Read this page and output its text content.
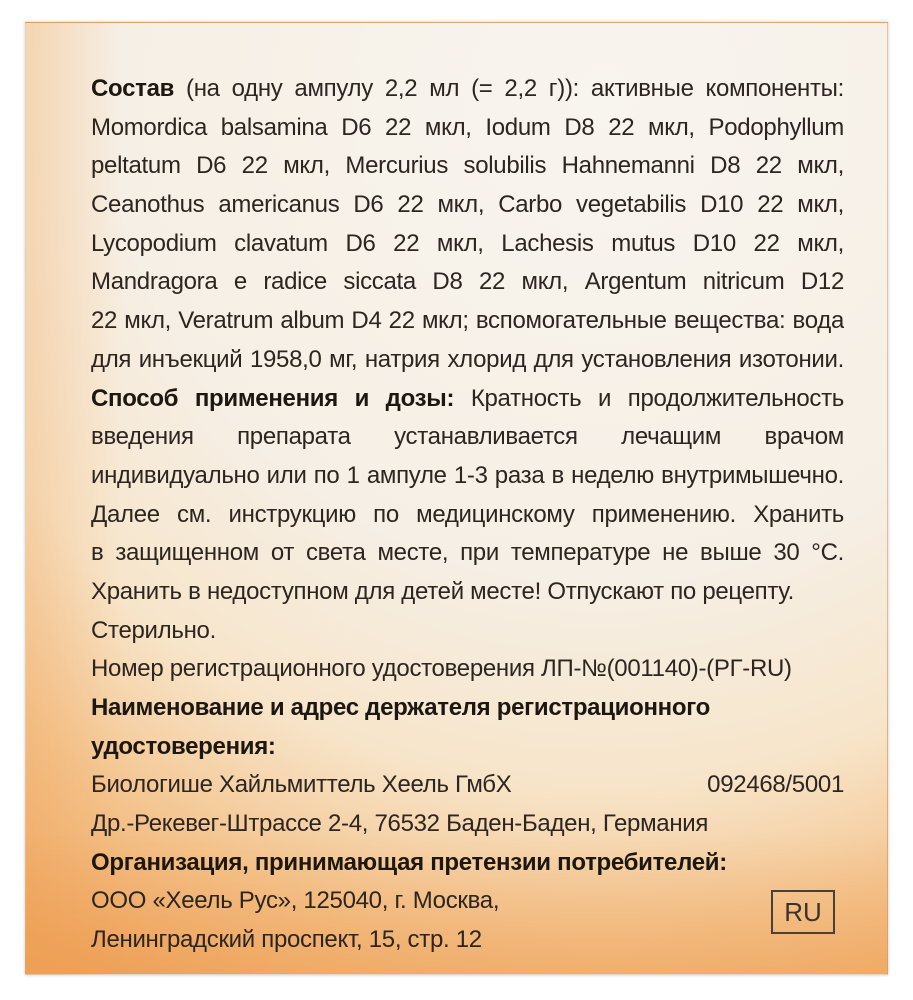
Состав (на одну ампулу 2,2 мл (= 2,2 г)): активные компоненты:
Momordica balsamina D6 22 мкл, Iodum D8 22 мкл, Podophyllum
peltatum D6 22 мкл, Mercurius solubilis Hahnemanni D8 22 мкл,
Ceanothus americanus D6 22 мкл, Carbo vegetabilis D10 22 мкл,
Lycopodium clavatum D6 22 мкл, Lachesis mutus D10 22 мкл,
Mandragora e radice siccata D8 22 мкл, Argentum nitricum D12
22 мкл, Veratrum album D4 22 мкл; вспомогательные вещества: вода
для инъекций 1958,0 мг, натрия хлорид для установления изотонии.
Способ применения и дозы: Кратность и продолжительность
введения препарата устанавливается лечащим врачом
индивидуально или по 1 ампуле 1-3 раза в неделю внутримышечно.
Далее см. инструкцию по медицинскому применению. Хранить
в защищенном от света месте, при температуре не выше 30 °C.
Хранить в недоступном для детей месте! Отпускают по рецепту.
Стерильно.
Номер регистрационного удостоверения ЛП-№(001140)-(РГ-RU)
Наименование и адрес держателя регистрационного
удостоверения:
Биологише Хайльмиттель Хеель ГмбХ	092468/5001
Др.-Рекевег-Штрассе 2-4, 76532 Баден-Баден, Германия
Организация, принимающая претензии потребителей:
ООО «Хеель Рус», 125040, г. Москва,
Ленинградский проспект, 15, стр. 12
RU
